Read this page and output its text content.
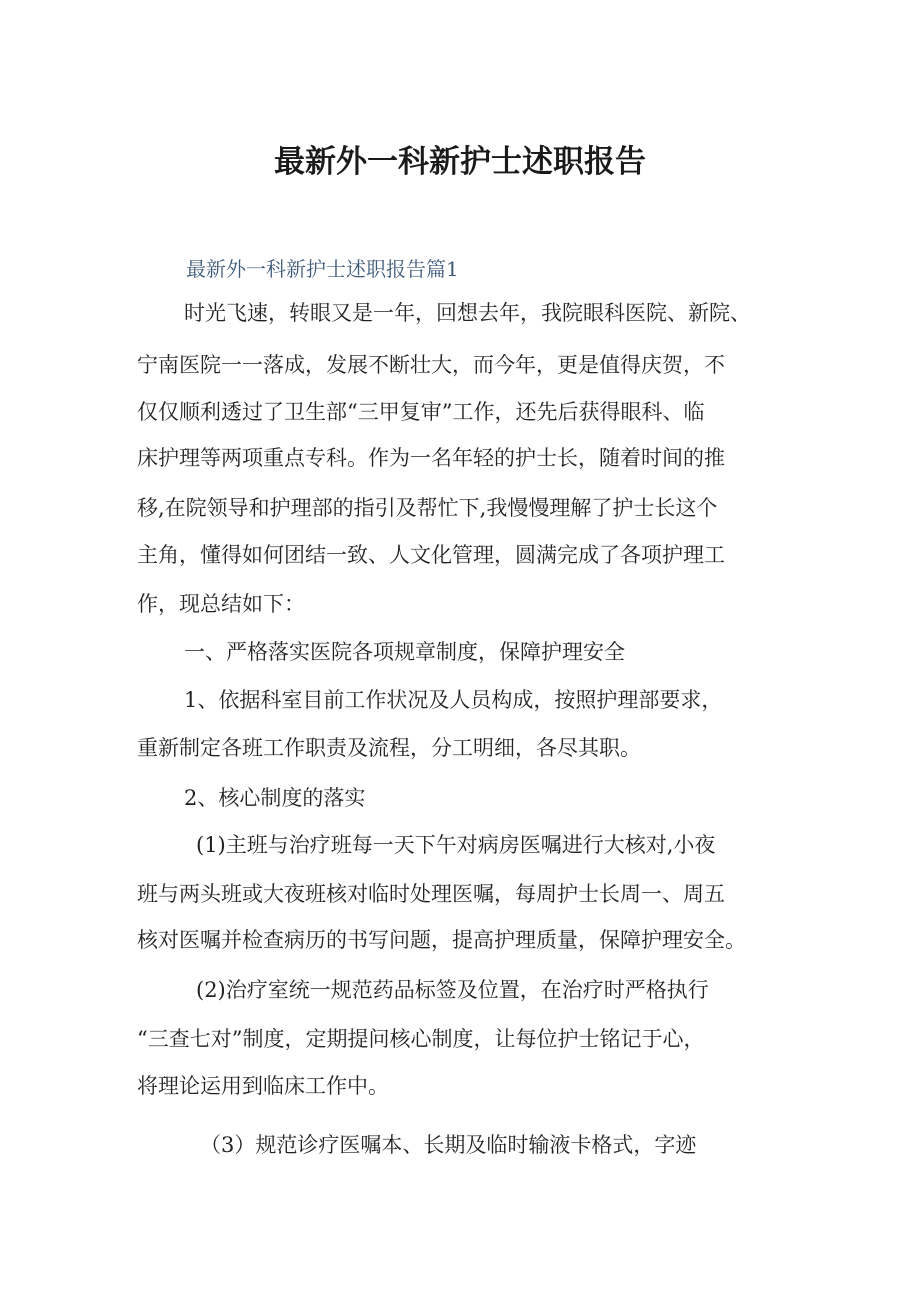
最新外一科新护士述职报告
最新外一科新护士述职报告篇1
时光飞速，转眼又是一年，回想去年，我院眼科医院、新院、
宁南医院一一落成，发展不断壮大，而今年，更是值得庆贺，不
仅仅顺利透过了卫生部“三甲复审”工作，还先后获得眼科、临
床护理等两项重点专科。作为一名年轻的护士长，随着时间的推
移,在院领导和护理部的指引及帮忙下,我慢慢理解了护士长这个
主角，懂得如何团结一致、人文化管理，圆满完成了各项护理工
作，现总结如下：
一、严格落实医院各项规章制度，保障护理安全
1、依据科室目前工作状况及人员构成，按照护理部要求，
重新制定各班工作职责及流程，分工明细，各尽其职。
2、核心制度的落实
(1)主班与治疗班每一天下午对病房医嘱进行大核对,小夜
班与两头班或大夜班核对临时处理医嘱，每周护士长周一、周五
核对医嘱并检查病历的书写问题，提高护理质量，保障护理安全。
(2)治疗室统一规范药品标签及位置，在治疗时严格执行
“三查七对”制度，定期提问核心制度，让每位护士铭记于心，
将理论运用到临床工作中。
（3）规范诊疗医嘱本、长期及临时输液卡格式，字迹
